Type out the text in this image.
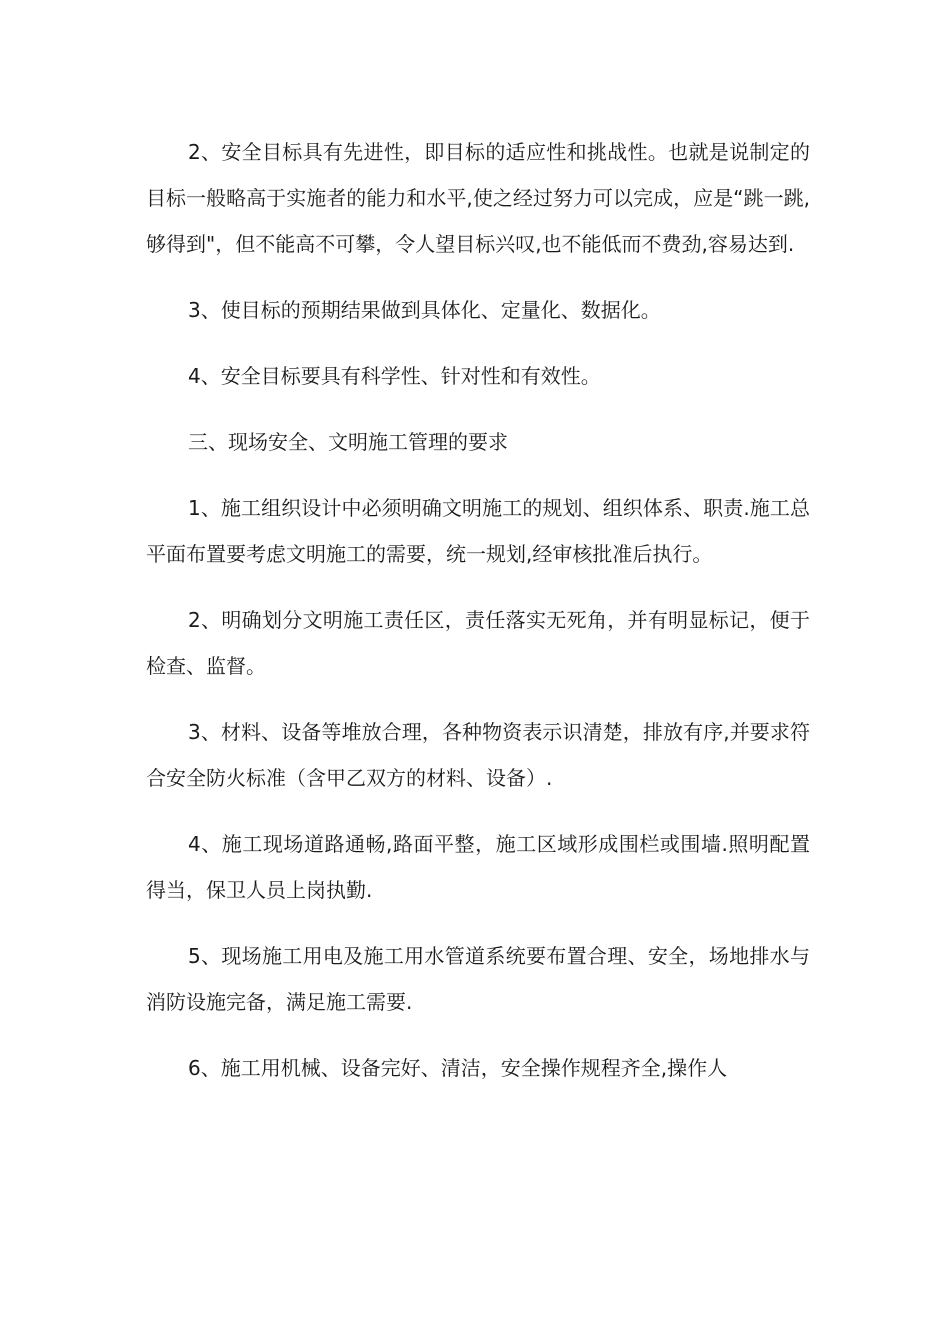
2、安全目标具有先进性，即目标的适应性和挑战性。也就是说制定的目标一般略高于实施者的能力和水平,使之经过努力可以完成，应是“跳一跳,够得到"，但不能高不可攀，令人望目标兴叹,也不能低而不费劲,容易达到.

3、使目标的预期结果做到具体化、定量化、数据化。

4、安全目标要具有科学性、针对性和有效性。

三、现场安全、文明施工管理的要求

1、施工组织设计中必须明确文明施工的规划、组织体系、职责.施工总平面布置要考虑文明施工的需要，统一规划,经审核批准后执行。

2、明确划分文明施工责任区，责任落实无死角，并有明显标记，便于检查、监督。

3、材料、设备等堆放合理，各种物资表示识清楚，排放有序,并要求符合安全防火标准（含甲乙双方的材料、设备）.

4、施工现场道路通畅,路面平整，施工区域形成围栏或围墙.照明配置得当，保卫人员上岗执勤.

5、现场施工用电及施工用水管道系统要布置合理、安全，场地排水与消防设施完备，满足施工需要.

6、施工用机械、设备完好、清洁，安全操作规程齐全,操作人
